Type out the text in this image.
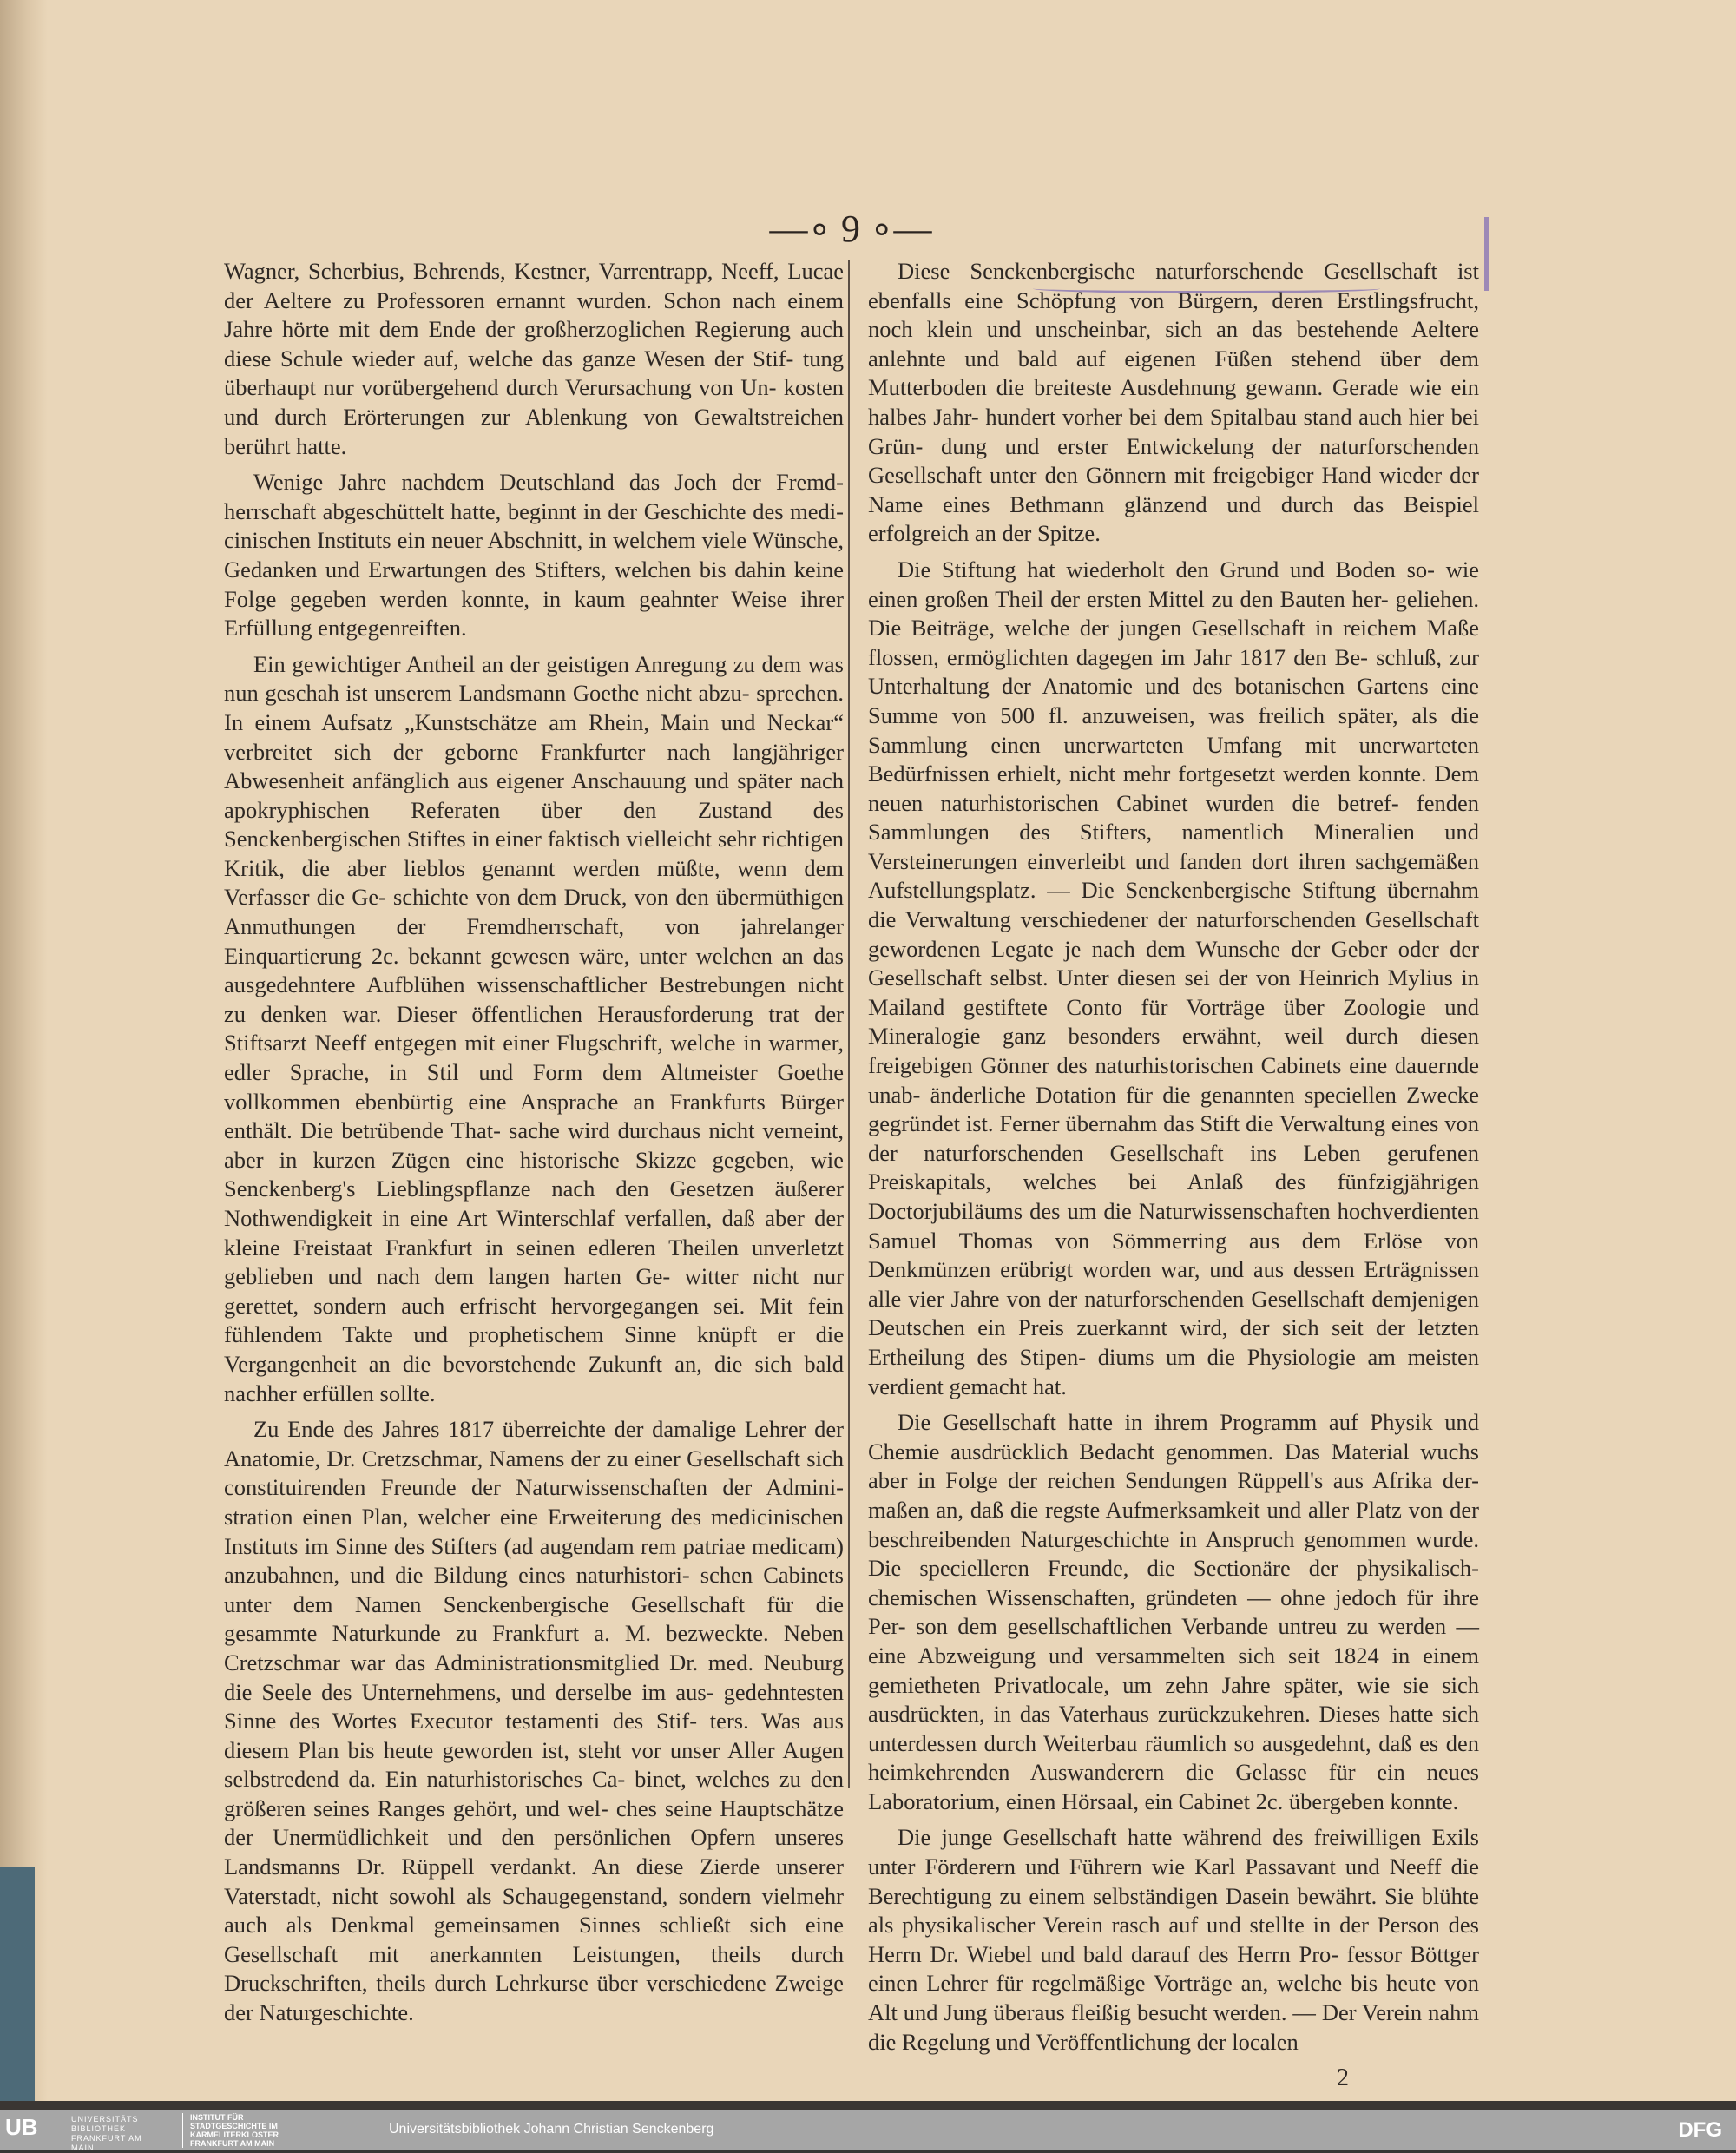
—∘ 9 ∘—

Wagner, Scherbius, Behrends, Kestner, Varrentrapp, Neeff, Lucae der Aeltere zu Professoren ernannt wurden. Schon nach einem Jahre hörte mit dem Ende der großherzoglichen Regierung auch diese Schule wieder auf, welche das ganze Wesen der Stif- tung überhaupt nur vorübergehend durch Verursachung von Un- kosten und durch Erörterungen zur Ablenkung von Gewaltstreichen berührt hatte.

Wenige Jahre nachdem Deutschland das Joch der Fremd- herrschaft abgeschüttelt hatte, beginnt in der Geschichte des medi- cinischen Instituts ein neuer Abschnitt, in welchem viele Wünsche, Gedanken und Erwartungen des Stifters, welchen bis dahin keine Folge gegeben werden konnte, in kaum geahnter Weise ihrer Erfüllung entgegenreiften.

Ein gewichtiger Antheil an der geistigen Anregung zu dem was nun geschah ist unserem Landsmann Goethe nicht abzu- sprechen. In einem Aufsatz „Kunstschätze am Rhein, Main und Neckar“ verbreitet sich der geborne Frankfurter nach langjähriger Abwesenheit anfänglich aus eigener Anschauung und später nach apokryphischen Referaten über den Zustand des Senckenbergischen Stiftes in einer faktisch vielleicht sehr richtigen Kritik, die aber lieblos genannt werden müßte, wenn dem Verfasser die Ge- schichte von dem Druck, von den übermüthigen Anmuthungen der Fremdherrschaft, von jahrelanger Einquartierung 2c. bekannt gewesen wäre, unter welchen an das ausgedehntere Aufblühen wissenschaftlicher Bestrebungen nicht zu denken war. Dieser öffentlichen Herausforderung trat der Stiftsarzt Neeff entgegen mit einer Flugschrift, welche in warmer, edler Sprache, in Stil und Form dem Altmeister Goethe vollkommen ebenbürtig eine Ansprache an Frankfurts Bürger enthält. Die betrübende That- sache wird durchaus nicht verneint, aber in kurzen Zügen eine historische Skizze gegeben, wie Senckenberg's Lieblingspflanze nach den Gesetzen äußerer Nothwendigkeit in eine Art Winterschlaf verfallen, daß aber der kleine Freistaat Frankfurt in seinen edleren Theilen unverletzt geblieben und nach dem langen harten Ge- witter nicht nur gerettet, sondern auch erfrischt hervorgegangen sei. Mit fein fühlendem Takte und prophetischem Sinne knüpft er die Vergangenheit an die bevorstehende Zukunft an, die sich bald nachher erfüllen sollte.

Zu Ende des Jahres 1817 überreichte der damalige Lehrer der Anatomie, Dr. Cretzschmar, Namens der zu einer Gesellschaft sich constituirenden Freunde der Naturwissenschaften der Admini- stration einen Plan, welcher eine Erweiterung des medicinischen Instituts im Sinne des Stifters (ad augendam rem patriae medicam) anzubahnen, und die Bildung eines naturhistori- schen Cabinets unter dem Namen Senckenbergische Gesellschaft für die gesammte Naturkunde zu Frankfurt a. M. bezweckte. Neben Cretzschmar war das Administrationsmitglied Dr. med. Neuburg die Seele des Unternehmens, und derselbe im aus- gedehntesten Sinne des Wortes Executor testamenti des Stif- ters. Was aus diesem Plan bis heute geworden ist, steht vor unser Aller Augen selbstredend da. Ein naturhistorisches Ca- binet, welches zu den größeren seines Ranges gehört, und wel- ches seine Hauptschätze der Unermüdlichkeit und den persönlichen Opfern unseres Landsmanns Dr. Rüppell verdankt. An diese Zierde unserer Vaterstadt, nicht sowohl als Schaugegenstand, sondern vielmehr auch als Denkmal gemeinsamen Sinnes schließt sich eine Gesellschaft mit anerkannten Leistungen, theils durch Druckschriften, theils durch Lehrkurse über verschiedene Zweige der Naturgeschichte.

Diese Senckenbergische naturforschende Gesellschaft ist ebenfalls eine Schöpfung von Bürgern, deren Erstlingsfrucht, noch klein und unscheinbar, sich an das bestehende Aeltere anlehnte und bald auf eigenen Füßen stehend über dem Mutterboden die breiteste Ausdehnung gewann. Gerade wie ein halbes Jahr- hundert vorher bei dem Spitalbau stand auch hier bei Grün- dung und erster Entwickelung der naturforschenden Gesellschaft unter den Gönnern mit freigebiger Hand wieder der Name eines Bethmann glänzend und durch das Beispiel erfolgreich an der Spitze.

Die Stiftung hat wiederholt den Grund und Boden so- wie einen großen Theil der ersten Mittel zu den Bauten her- geliehen. Die Beiträge, welche der jungen Gesellschaft in reichem Maße flossen, ermöglichten dagegen im Jahr 1817 den Be- schluß, zur Unterhaltung der Anatomie und des botanischen Gartens eine Summe von 500 fl. anzuweisen, was freilich später, als die Sammlung einen unerwarteten Umfang mit unerwarteten Bedürfnissen erhielt, nicht mehr fortgesetzt werden konnte. Dem neuen naturhistorischen Cabinet wurden die betref- fenden Sammlungen des Stifters, namentlich Mineralien und Versteinerungen einverleibt und fanden dort ihren sachgemäßen Aufstellungsplatz. — Die Senckenbergische Stiftung übernahm die Verwaltung verschiedener der naturforschenden Gesellschaft gewordenen Legate je nach dem Wunsche der Geber oder der Gesellschaft selbst. Unter diesen sei der von Heinrich Mylius in Mailand gestiftete Conto für Vorträge über Zoologie und Mineralogie ganz besonders erwähnt, weil durch diesen freigebigen Gönner des naturhistorischen Cabinets eine dauernde unab- änderliche Dotation für die genannten speciellen Zwecke gegründet ist. Ferner übernahm das Stift die Verwaltung eines von der naturforschenden Gesellschaft ins Leben gerufenen Preiskapitals, welches bei Anlaß des fünfzigjährigen Doctorjubiläums des um die Naturwissenschaften hochverdienten Samuel Thomas von Sömmerring aus dem Erlöse von Denkmünzen erübrigt worden war, und aus dessen Erträgnissen alle vier Jahre von der naturforschenden Gesellschaft demjenigen Deutschen ein Preis zuerkannt wird, der sich seit der letzten Ertheilung des Stipen- diums um die Physiologie am meisten verdient gemacht hat.

Die Gesellschaft hatte in ihrem Programm auf Physik und Chemie ausdrücklich Bedacht genommen. Das Material wuchs aber in Folge der reichen Sendungen Rüppell's aus Afrika der- maßen an, daß die regste Aufmerksamkeit und aller Platz von der beschreibenden Naturgeschichte in Anspruch genommen wurde. Die specielleren Freunde, die Sectionäre der physikalisch- chemischen Wissenschaften, gründeten — ohne jedoch für ihre Per- son dem gesellschaftlichen Verbande untreu zu werden — eine Abzweigung und versammelten sich seit 1824 in einem gemietheten Privatlocale, um zehn Jahre später, wie sie sich ausdrückten, in das Vaterhaus zurückzukehren. Dieses hatte sich unterdessen durch Weiterbau räumlich so ausgedehnt, daß es den heimkehrenden Auswanderern die Gelasse für ein neues Laboratorium, einen Hörsaal, ein Cabinet 2c. übergeben konnte.

Die junge Gesellschaft hatte während des freiwilligen Exils unter Förderern und Führern wie Karl Passavant und Neeff die Berechtigung zu einem selbständigen Dasein bewährt. Sie blühte als physikalischer Verein rasch auf und stellte in der Person des Herrn Dr. Wiebel und bald darauf des Herrn Pro- fessor Böttger einen Lehrer für regelmäßige Vorträge an, welche bis heute von Alt und Jung überaus fleißig besucht werden. — Der Verein nahm die Regelung und Veröffentlichung der localen

2
UB	UNIVERSITÄTS BIBLIOTHEK FRANKFURT AM MAIN
INSTITUT FÜR STADTGESCHICHTE IM KARMELITERKLOSTER FRANKFURT AM MAIN
Universitätsbibliothek Johann Christian Senckenberg	DFG
